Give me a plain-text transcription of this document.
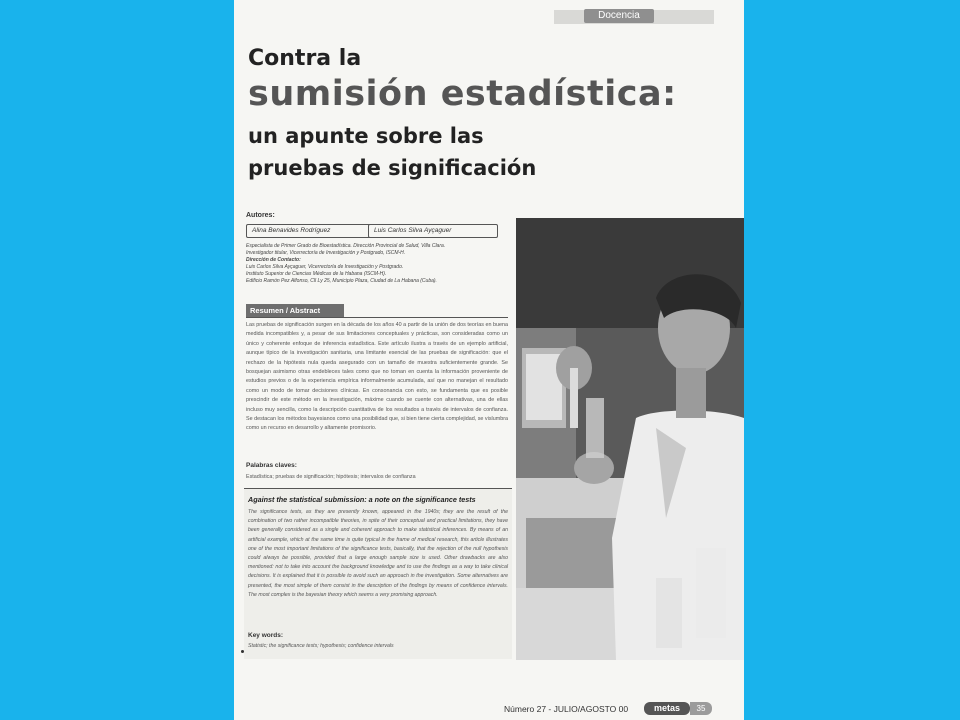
Docencia
Contra la
sumisión estadística:
un apunte sobre las
pruebas de significación
Autores:
Alina Benavides Rodríguez	Luis Carlos Silva Ayçaguer
Especialista de Primer Grado de Bioestadística. Dirección Provincial de Salud, Villa Clara.
Investigador titular, Vicerrectoría de Investigación y Postgrado, ISCM-H.
Dirección de Contacto:
Luis Carlos Silva Ayçaguer, Vicerrectoría de Investigación y Postgrado.
Instituto Superior de Ciencias Médicas de la Habana (ISCM-H).
Edificio Ramón Pez Alfonso, Cll Ly 25, Municipio Plaza, Ciudad de La Habana (Cuba).
Resumen / Abstract
Las pruebas de significación surgen en la década de los años 40 a partir de la unión de dos teorías en buena medida incompatibles y, a pesar de sus limitaciones conceptuales y prácticas, son consideradas como un único y coherente enfoque de inferencia estadística. Este artículo ilustra a través de un ejemplo artificial, aunque típico de la investigación sanitaria, una limitante esencial de las pruebas de significación: que el rechazo de la hipótesis nula queda asegurado con un tamaño de muestra suficientemente grande. Se bosquejan asimismo otras endebleces tales como que no toman en cuenta la información proveniente de estudios previos o de la experiencia empírica informalmente acumulada, así que no manejan el resultado como un modo de tomar decisiones clínicas. En consonancia con esto, se fundamenta que es posible prescindir de este método en la investigación, máxime cuando se cuente con alternativas, una de ellas incluso muy sencilla, como la descripción cuantitativa de los resultados a través de intervalos de confianza. Se destacan los métodos bayesianos como una posibilidad que, si bien tiene cierta complejidad, se vislumbra como un recurso en desarrollo y altamente promisorio.
Palabras claves:
Estadística; pruebas de significación; hipótesis; intervalos de confianza
Against the statistical submission: a note on the significance tests
The significance tests, as they are presently known, appeared in the 1940s; they are the result of the combination of two rather incompatible theories, in spite of their conceptual and practical limitations, they have been generally considered as a single and coherent approach to make statistical inferences. By means of an artificial example, which at the same time is quite typical in the frame of medical research, this article illustrates one of the most important limitations of the significance tests, basically, that the rejection of the null hypothesis could always be possible, provided that a large enough sample size is used. Other drawbacks are also mentioned: not to take into account the background knowledge and to use the findings as a way to take clinical decisions. It is explained that it is possible to avoid such an approach in the investigation. Some alternatives are presented, the most simple of them consist in the description of the findings by means of confidence intervals. The most complex is the bayesian theory which seems a very promising approach.
Key words:
Statistic; the significance tests; hypothesis; confidence intervals
Número 27 - JULIO/AGOSTO 00	metas	35
